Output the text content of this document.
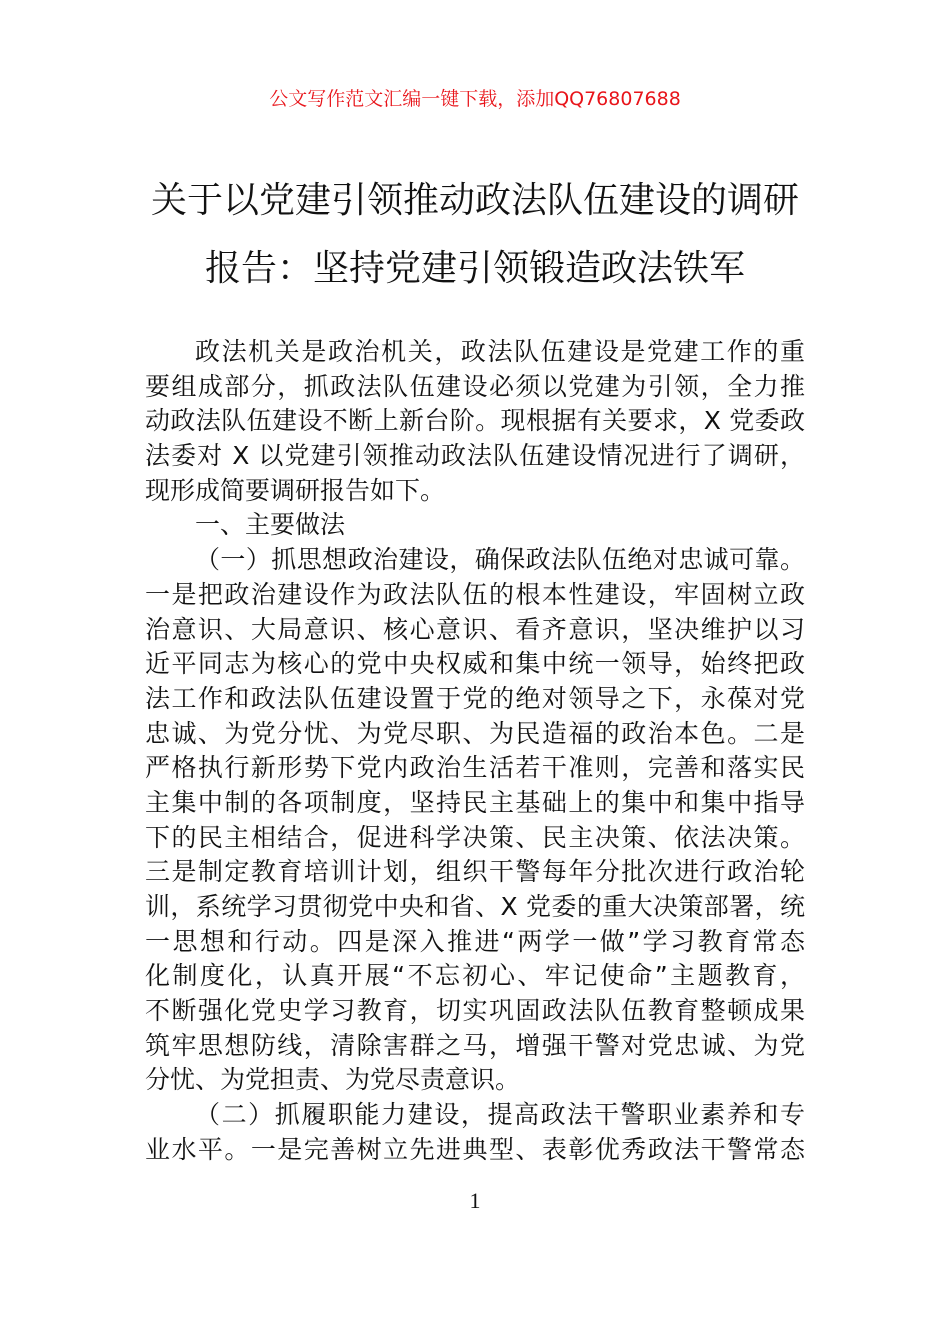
公文写作范文汇编一键下载，添加QQ76807688
关于以党建引领推动政法队伍建设的调研
报告：坚持党建引领锻造政法铁军
政法机关是政治机关，政法队伍建设是党建工作的重
要组成部分，抓政法队伍建设必须以党建为引领，全力推
动政法队伍建设不断上新台阶。现根据有关要求，X 党委政
法委对 X 以党建引领推动政法队伍建设情况进行了调研，
现形成简要调研报告如下。
一、主要做法
（一）抓思想政治建设，确保政法队伍绝对忠诚可靠。
一是把政治建设作为政法队伍的根本性建设，牢固树立政
治意识、大局意识、核心意识、看齐意识，坚决维护以习
近平同志为核心的党中央权威和集中统一领导，始终把政
法工作和政法队伍建设置于党的绝对领导之下，永葆对党
忠诚、为党分忧、为党尽职、为民造福的政治本色。二是
严格执行新形势下党内政治生活若干准则，完善和落实民
主集中制的各项制度，坚持民主基础上的集中和集中指导
下的民主相结合，促进科学决策、民主决策、依法决策。
三是制定教育培训计划，组织干警每年分批次进行政治轮
训，系统学习贯彻党中央和省、X 党委的重大决策部署，统
一思想和行动。四是深入推进“两学一做”学习教育常态
化制度化，认真开展“不忘初心、牢记使命”主题教育，
不断强化党史学习教育，切实巩固政法队伍教育整顿成果
筑牢思想防线，清除害群之马，增强干警对党忠诚、为党
分忧、为党担责、为党尽责意识。
（二）抓履职能力建设，提高政法干警职业素养和专
业水平。一是完善树立先进典型、表彰优秀政法干警常态
1
